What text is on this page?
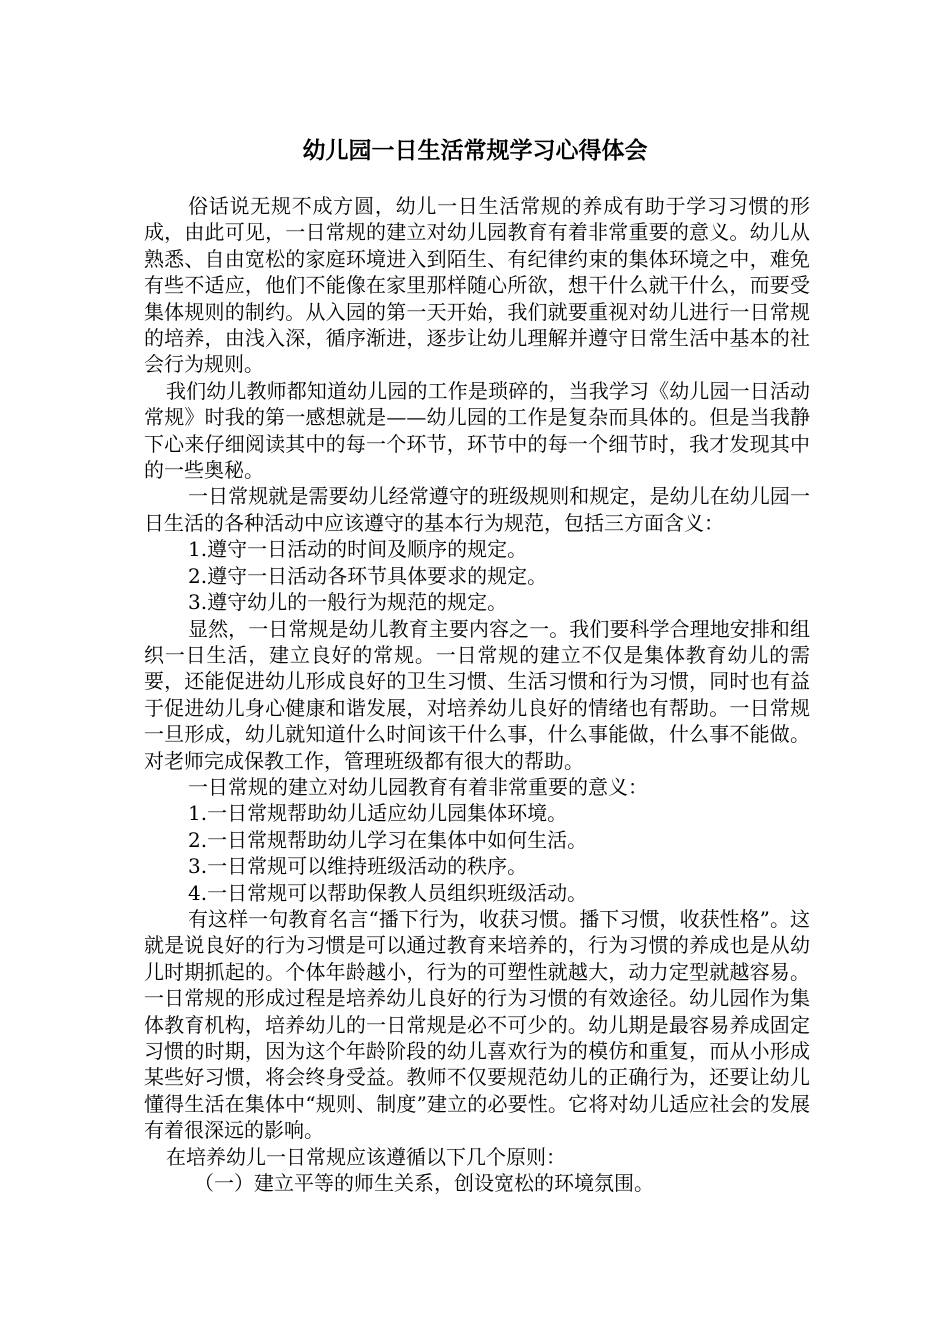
幼儿园一日生活常规学习心得体会

俗话说无规不成方圆，幼儿一日生活常规的养成有助于学习习惯的形成，由此可见，一日常规的建立对幼儿园教育有着非常重要的意义。幼儿从熟悉、自由宽松的家庭环境进入到陌生、有纪律约束的集体环境之中，难免有些不适应，他们不能像在家里那样随心所欲，想干什么就干什么，而要受集体规则的制约。从入园的第一天开始，我们就要重视对幼儿进行一日常规的培养，由浅入深，循序渐进，逐步让幼儿理解并遵守日常生活中基本的社会行为规则。

我们幼儿教师都知道幼儿园的工作是琐碎的，当我学习《幼儿园一日活动常规》时我的第一感想就是——幼儿园的工作是复杂而具体的。但是当我静下心来仔细阅读其中的每一个环节，环节中的每一个细节时，我才发现其中的一些奥秘。

一日常规就是需要幼儿经常遵守的班级规则和规定，是幼儿在幼儿园一日生活的各种活动中应该遵守的基本行为规范，包括三方面含义：

1.遵守一日活动的时间及顺序的规定。

2.遵守一日活动各环节具体要求的规定。

3.遵守幼儿的一般行为规范的规定。

显然，一日常规是幼儿教育主要内容之一。我们要科学合理地安排和组织一日生活，建立良好的常规。一日常规的建立不仅是集体教育幼儿的需要，还能促进幼儿形成良好的卫生习惯、生活习惯和行为习惯，同时也有益于促进幼儿身心健康和谐发展，对培养幼儿良好的情绪也有帮助。一日常规一旦形成，幼儿就知道什么时间该干什么事，什么事能做，什么事不能做。对老师完成保教工作，管理班级都有很大的帮助。

一日常规的建立对幼儿园教育有着非常重要的意义：

1.一日常规帮助幼儿适应幼儿园集体环境。

2.一日常规帮助幼儿学习在集体中如何生活。

3.一日常规可以维持班级活动的秩序。

4.一日常规可以帮助保教人员组织班级活动。

有这样一句教育名言“播下行为，收获习惯。播下习惯，收获性格”。这就是说良好的行为习惯是可以通过教育来培养的，行为习惯的养成也是从幼儿时期抓起的。个体年龄越小，行为的可塑性就越大，动力定型就越容易。一日常规的形成过程是培养幼儿良好的行为习惯的有效途径。幼儿园作为集体教育机构，培养幼儿的一日常规是必不可少的。幼儿期是最容易养成固定习惯的时期，因为这个年龄阶段的幼儿喜欢行为的模仿和重复，而从小形成某些好习惯，将会终身受益。教师不仅要规范幼儿的正确行为，还要让幼儿懂得生活在集体中“规则、制度”建立的必要性。它将对幼儿适应社会的发展有着很深远的影响。

在培养幼儿一日常规应该遵循以下几个原则：

（一）建立平等的师生关系，创设宽松的环境氛围。
